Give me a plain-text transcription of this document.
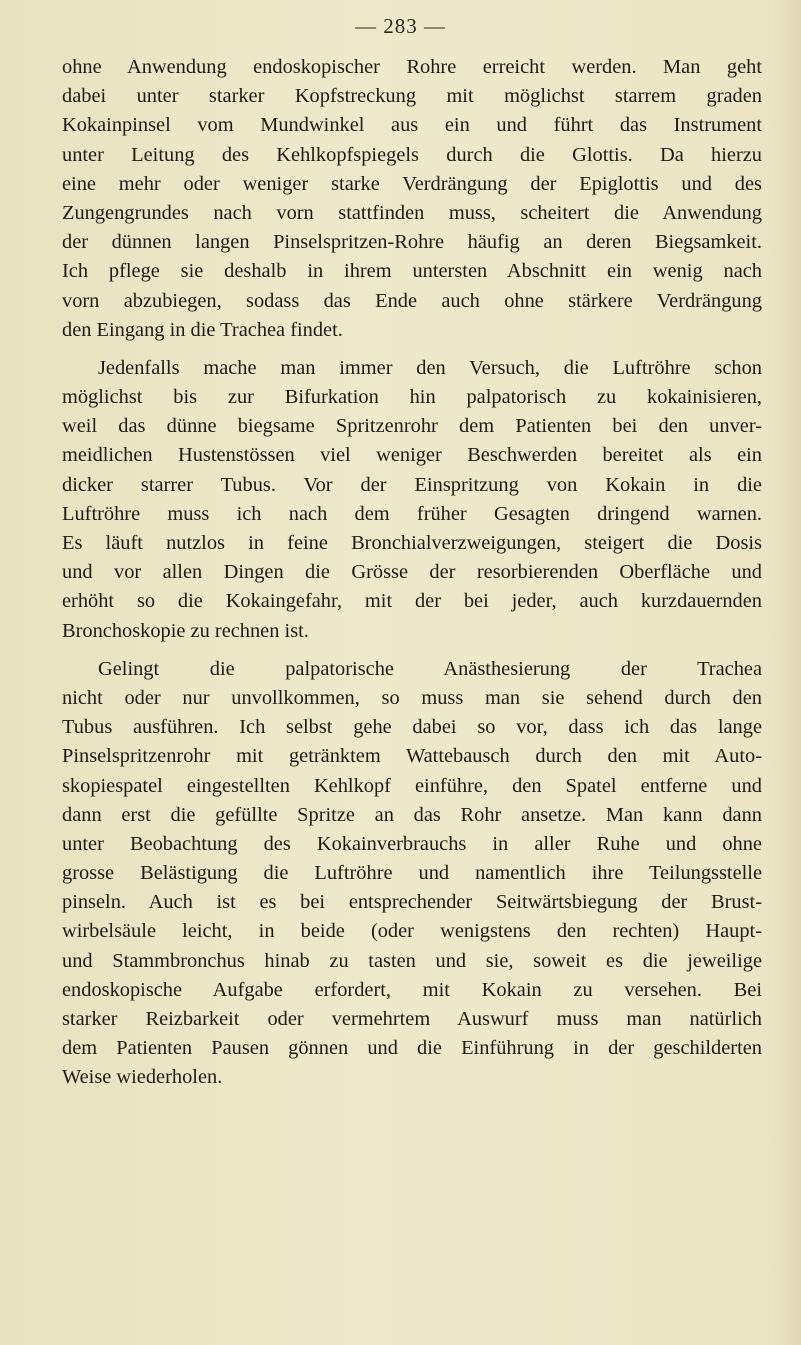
— 283 —
ohne Anwendung endoskopischer Rohre erreicht werden. Man geht
dabei unter starker Kopfstreckung mit möglichst starrem graden
Kokainpinsel vom Mundwinkel aus ein und führt das Instrument
unter Leitung des Kehlkopfspiegels durch die Glottis. Da hierzu
eine mehr oder weniger starke Verdrängung der Epiglottis und des
Zungengrundes nach vorn stattfinden muss, scheitert die Anwendung
der dünnen langen Pinselspritzen-Rohre häufig an deren Biegsamkeit.
Ich pflege sie deshalb in ihrem untersten Abschnitt ein wenig nach
vorn abzubiegen, sodass das Ende auch ohne stärkere Verdrängung
den Eingang in die Trachea findet.
Jedenfalls mache man immer den Versuch, die Luftröhre schon
möglichst bis zur Bifurkation hin palpatorisch zu kokainisieren,
weil das dünne biegsame Spritzenrohr dem Patienten bei den unver-
meidlichen Hustenstössen viel weniger Beschwerden bereitet als ein
dicker starrer Tubus. Vor der Einspritzung von Kokain in die
Luftröhre muss ich nach dem früher Gesagten dringend warnen.
Es läuft nutzlos in feine Bronchialverzweigungen, steigert die Dosis
und vor allen Dingen die Grösse der resorbierenden Oberfläche und
erhöht so die Kokaingefahr, mit der bei jeder, auch kurzdauernden
Bronchoskopie zu rechnen ist.
Gelingt die palpatorische Anästhesierung der Trachea
nicht oder nur unvollkommen, so muss man sie sehend durch den
Tubus ausführen. Ich selbst gehe dabei so vor, dass ich das lange
Pinselspritzenrohr mit getränktem Wattebausch durch den mit Auto-
skopiespatel eingestellten Kehlkopf einführe, den Spatel entferne und
dann erst die gefüllte Spritze an das Rohr ansetze. Man kann dann
unter Beobachtung des Kokainverbrauchs in aller Ruhe und ohne
grosse Belästigung die Luftröhre und namentlich ihre Teilungsstelle
pinseln. Auch ist es bei entsprechender Seitwärtsbiegung der Brust-
wirbelsäule leicht, in beide (oder wenigstens den rechten) Haupt-
und Stammbronchus hinab zu tasten und sie, soweit es die jeweilige
endoskopische Aufgabe erfordert, mit Kokain zu versehen. Bei
starker Reizbarkeit oder vermehrtem Auswurf muss man natürlich
dem Patienten Pausen gönnen und die Einführung in der geschilderten
Weise wiederholen.
